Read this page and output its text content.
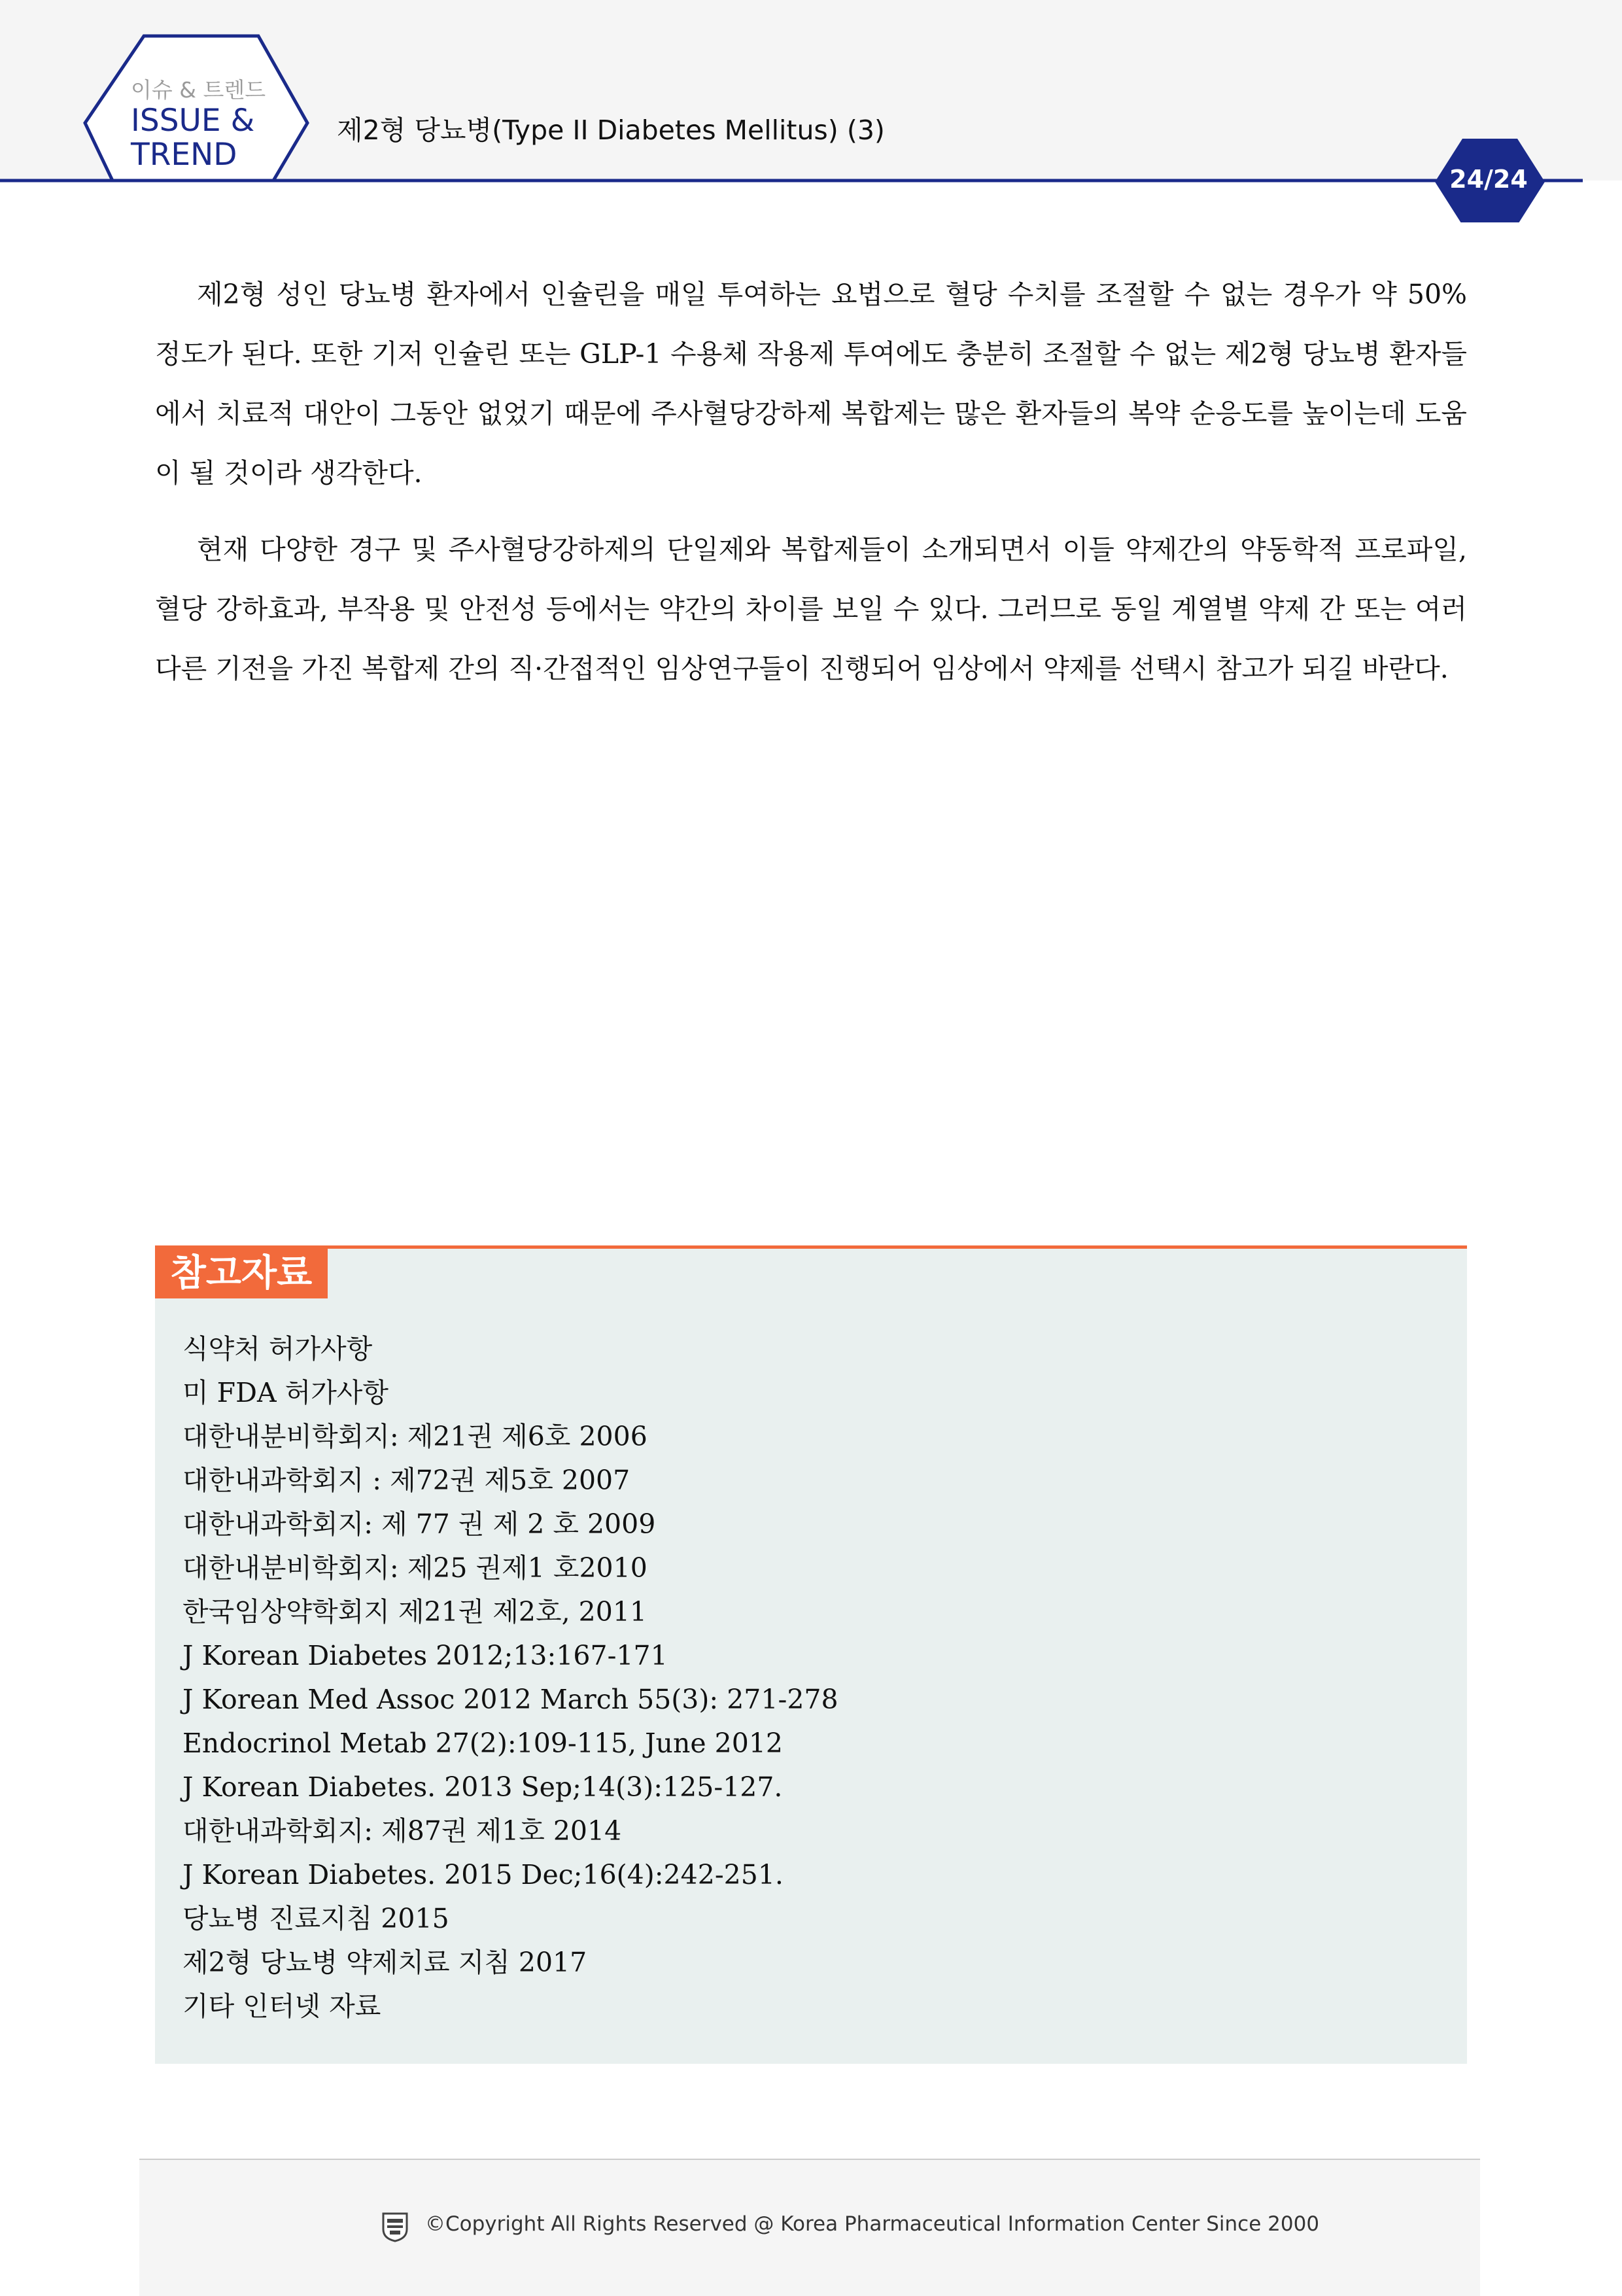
이슈 & 트렌드
ISSUE &
TREND
제2형 당뇨병(Type II Diabetes Mellitus) (3)
24/24

제2형 성인 당뇨병 환자에서 인슐린을 매일 투여하는 요법으로 혈당 수치를 조절할 수 없는 경우가 약 50% 정도가 된다. 또한 기저 인슐린 또는 GLP-1 수용체 작용제 투여에도 충분히 조절할 수 없는 제2형 당뇨병 환자들에서 치료적 대안이 그동안 없었기 때문에 주사혈당강하제 복합제는 많은 환자들의 복약 순응도를 높이는데 도움이 될 것이라 생각한다.

현재 다양한 경구 및 주사혈당강하제의 단일제와 복합제들이 소개되면서 이들 약제간의 약동학적 프로파일, 혈당 강하효과, 부작용 및 안전성 등에서는 약간의 차이를 보일 수 있다. 그러므로 동일 계열별 약제 간 또는 여러 다른 기전을 가진 복합제 간의 직·간접적인 임상연구들이 진행되어 임상에서 약제를 선택시 참고가 되길 바란다.

참고자료
식약처 허가사항
미 FDA 허가사항
대한내분비학회지: 제21권 제6호 2006
대한내과학회지 : 제72권 제5호 2007
대한내과학회지: 제 77 권 제 2 호 2009
대한내분비학회지: 제25 권제1 호2010
한국임상약학회지 제21권 제2호, 2011
J Korean Diabetes 2012;13:167-171
J Korean Med Assoc 2012 March 55(3): 271-278
Endocrinol Metab 27(2):109-115, June 2012
J Korean Diabetes. 2013 Sep;14(3):125-127.
대한내과학회지: 제87권 제1호 2014
J Korean Diabetes. 2015 Dec;16(4):242-251.
당뇨병 진료지침 2015
제2형 당뇨병 약제치료 지침 2017
기타 인터넷 자료
©Copyright All Rights Reserved @ Korea Pharmaceutical Information Center Since 2000
